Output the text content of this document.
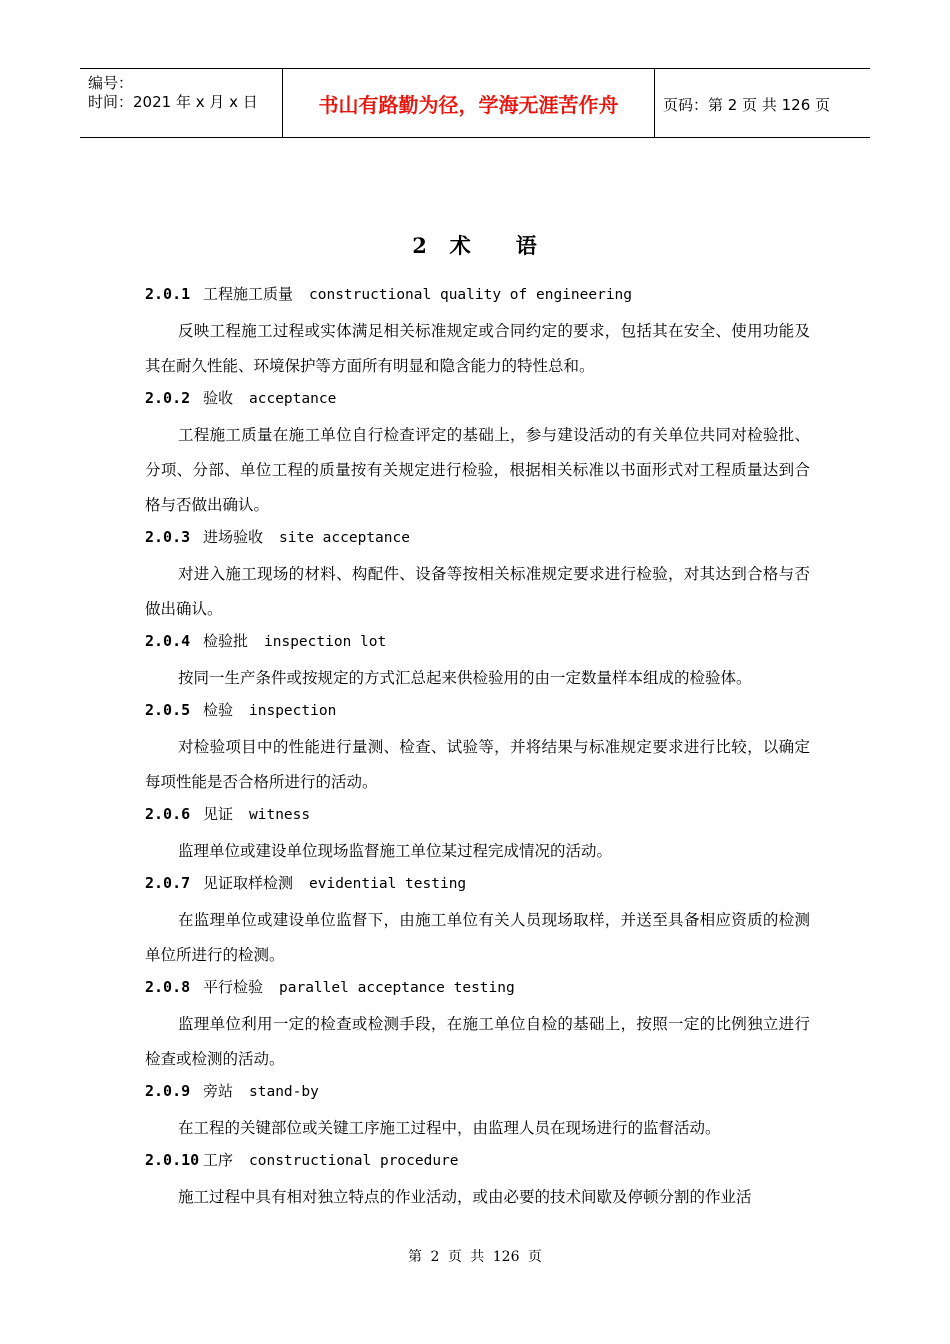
编号：
时间：2021 年 x 月 x 日	书山有路勤为径，学海无涯苦作舟	页码：第 2 页 共 126 页
2　术　　语
2.0.1 工程施工质量 constructional quality of engineering

反映工程施工过程或实体满足相关标准规定或合同约定的要求，包括其在安全、使用功能及其在耐久性能、环境保护等方面所有明显和隐含能力的特性总和。

2.0.2 验收 acceptance

工程施工质量在施工单位自行检查评定的基础上，参与建设活动的有关单位共同对检验批、分项、分部、单位工程的质量按有关规定进行检验，根据相关标准以书面形式对工程质量达到合格与否做出确认。

2.0.3 进场验收 site acceptance

对进入施工现场的材料、构配件、设备等按相关标准规定要求进行检验，对其达到合格与否做出确认。

2.0.4 检验批 inspection lot

按同一生产条件或按规定的方式汇总起来供检验用的由一定数量样本组成的检验体。

2.0.5 检验 inspection

对检验项目中的性能进行量测、检查、试验等，并将结果与标准规定要求进行比较，以确定每项性能是否合格所进行的活动。

2.0.6 见证 witness

监理单位或建设单位现场监督施工单位某过程完成情况的活动。

2.0.7 见证取样检测 evidential testing

在监理单位或建设单位监督下，由施工单位有关人员现场取样，并送至具备相应资质的检测单位所进行的检测。

2.0.8 平行检验 parallel acceptance testing

监理单位利用一定的检查或检测手段，在施工单位自检的基础上，按照一定的比例独立进行检查或检测的活动。

2.0.9 旁站 stand-by

在工程的关键部位或关键工序施工过程中，由监理人员在现场进行的监督活动。

2.0.10 工序 constructional procedure

施工过程中具有相对独立特点的作业活动，或由必要的技术间歇及停顿分割的作业活

第 2 页 共 126 页
